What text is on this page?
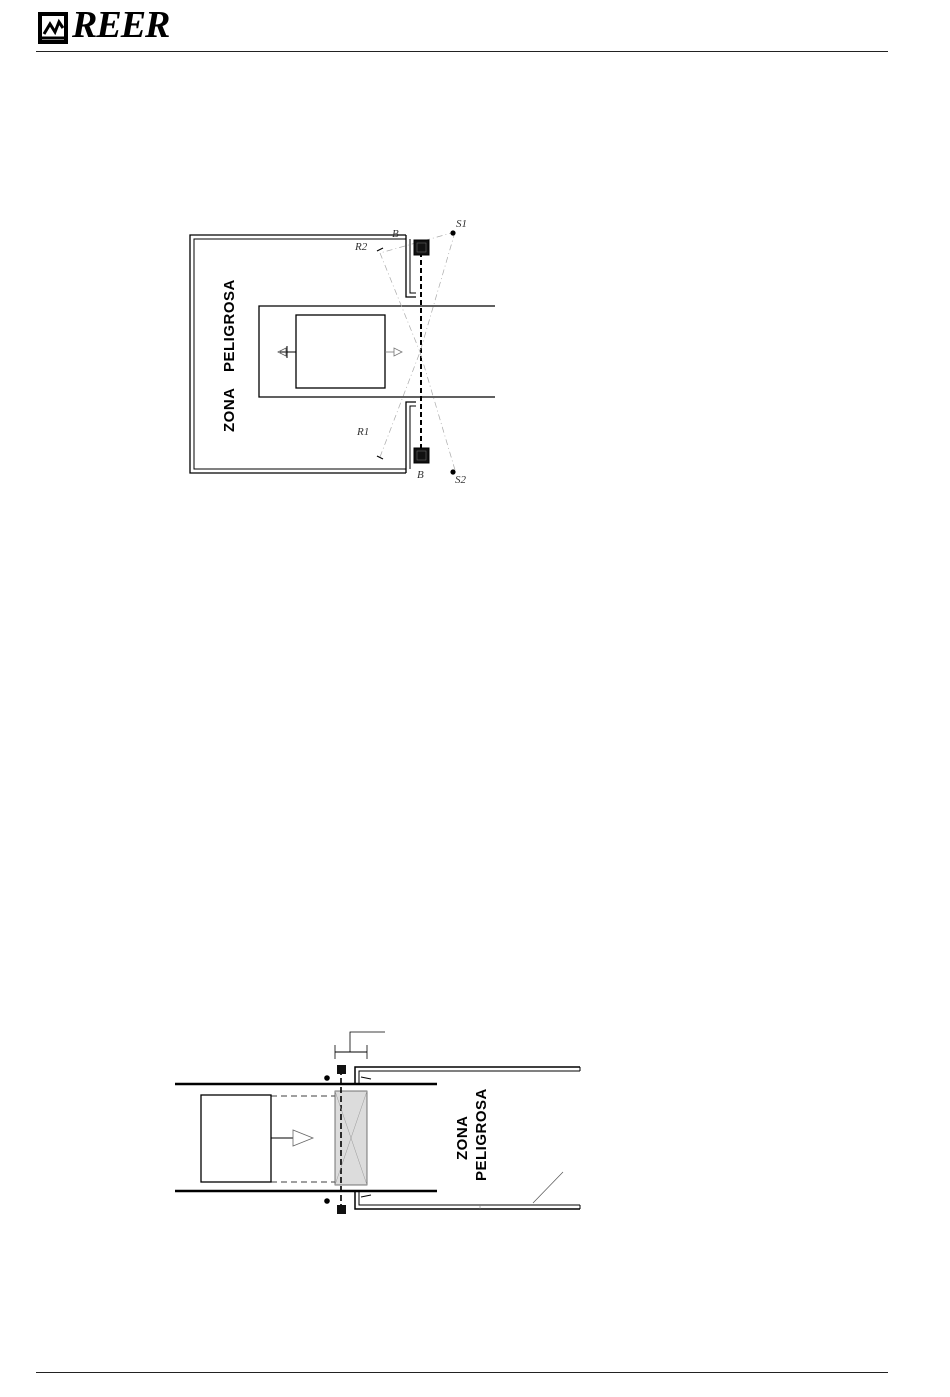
REER
B
B
S1
S2
R2
R1
ZONA
PELIGROSA
ZONA PELIGROSA
